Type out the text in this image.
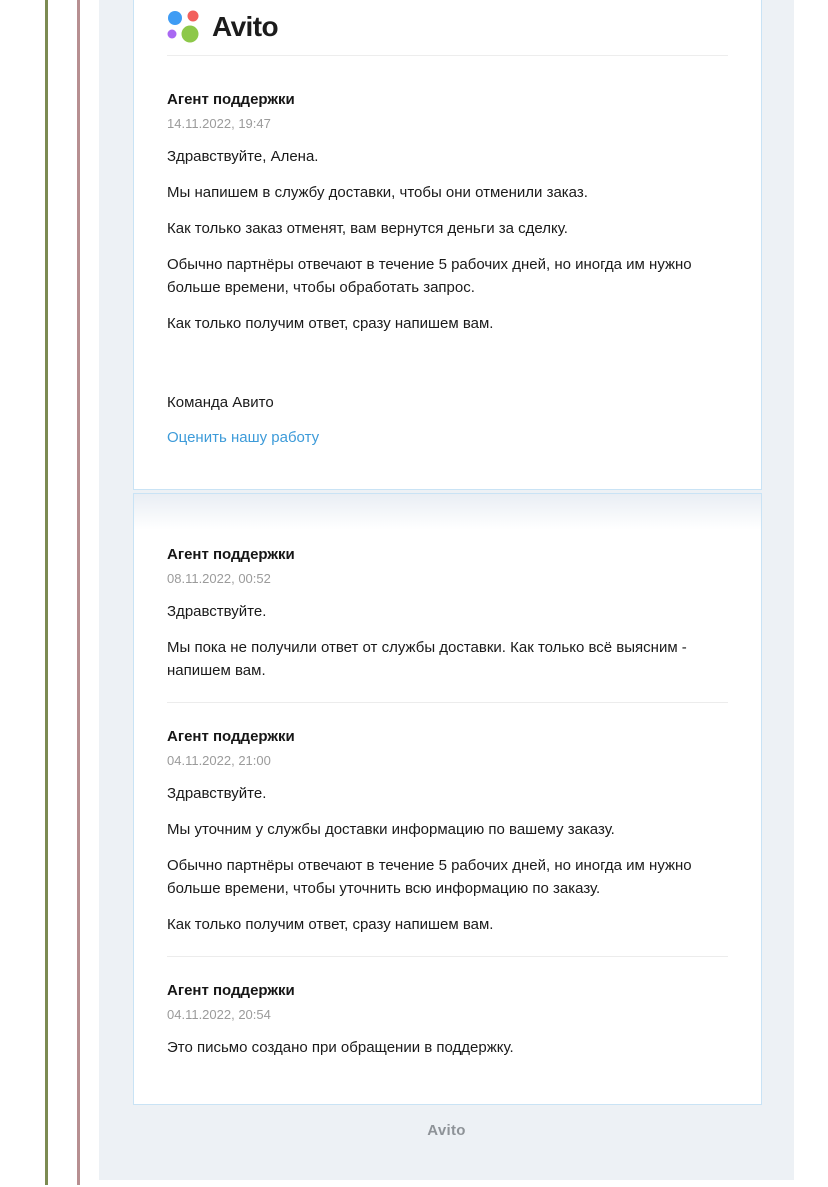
Avito
Агент поддержки
14.11.2022, 19:47

Здравствуйте, Алена.

Мы напишем в службу доставки, чтобы они отменили заказ.

Как только заказ отменят, вам вернутся деньги за сделку.

Обычно партнёры отвечают в течение 5 рабочих дней, но иногда им нужно больше времени, чтобы обработать запрос.

Как только получим ответ, сразу напишем вам.

Команда Авито

Оценить нашу работу
Агент поддержки
08.11.2022, 00:52

Здравствуйте.

Мы пока не получили ответ от службы доставки. Как только всё выясним - напишем вам.

Агент поддержки
04.11.2022, 21:00

Здравствуйте.

Мы уточним у службы доставки информацию по вашему заказу.

Обычно партнёры отвечают в течение 5 рабочих дней, но иногда им нужно больше времени, чтобы уточнить всю информацию по заказу.

Как только получим ответ, сразу напишем вам.

Агент поддержки
04.11.2022, 20:54

Это письмо создано при обращении в поддержку.

Avito
